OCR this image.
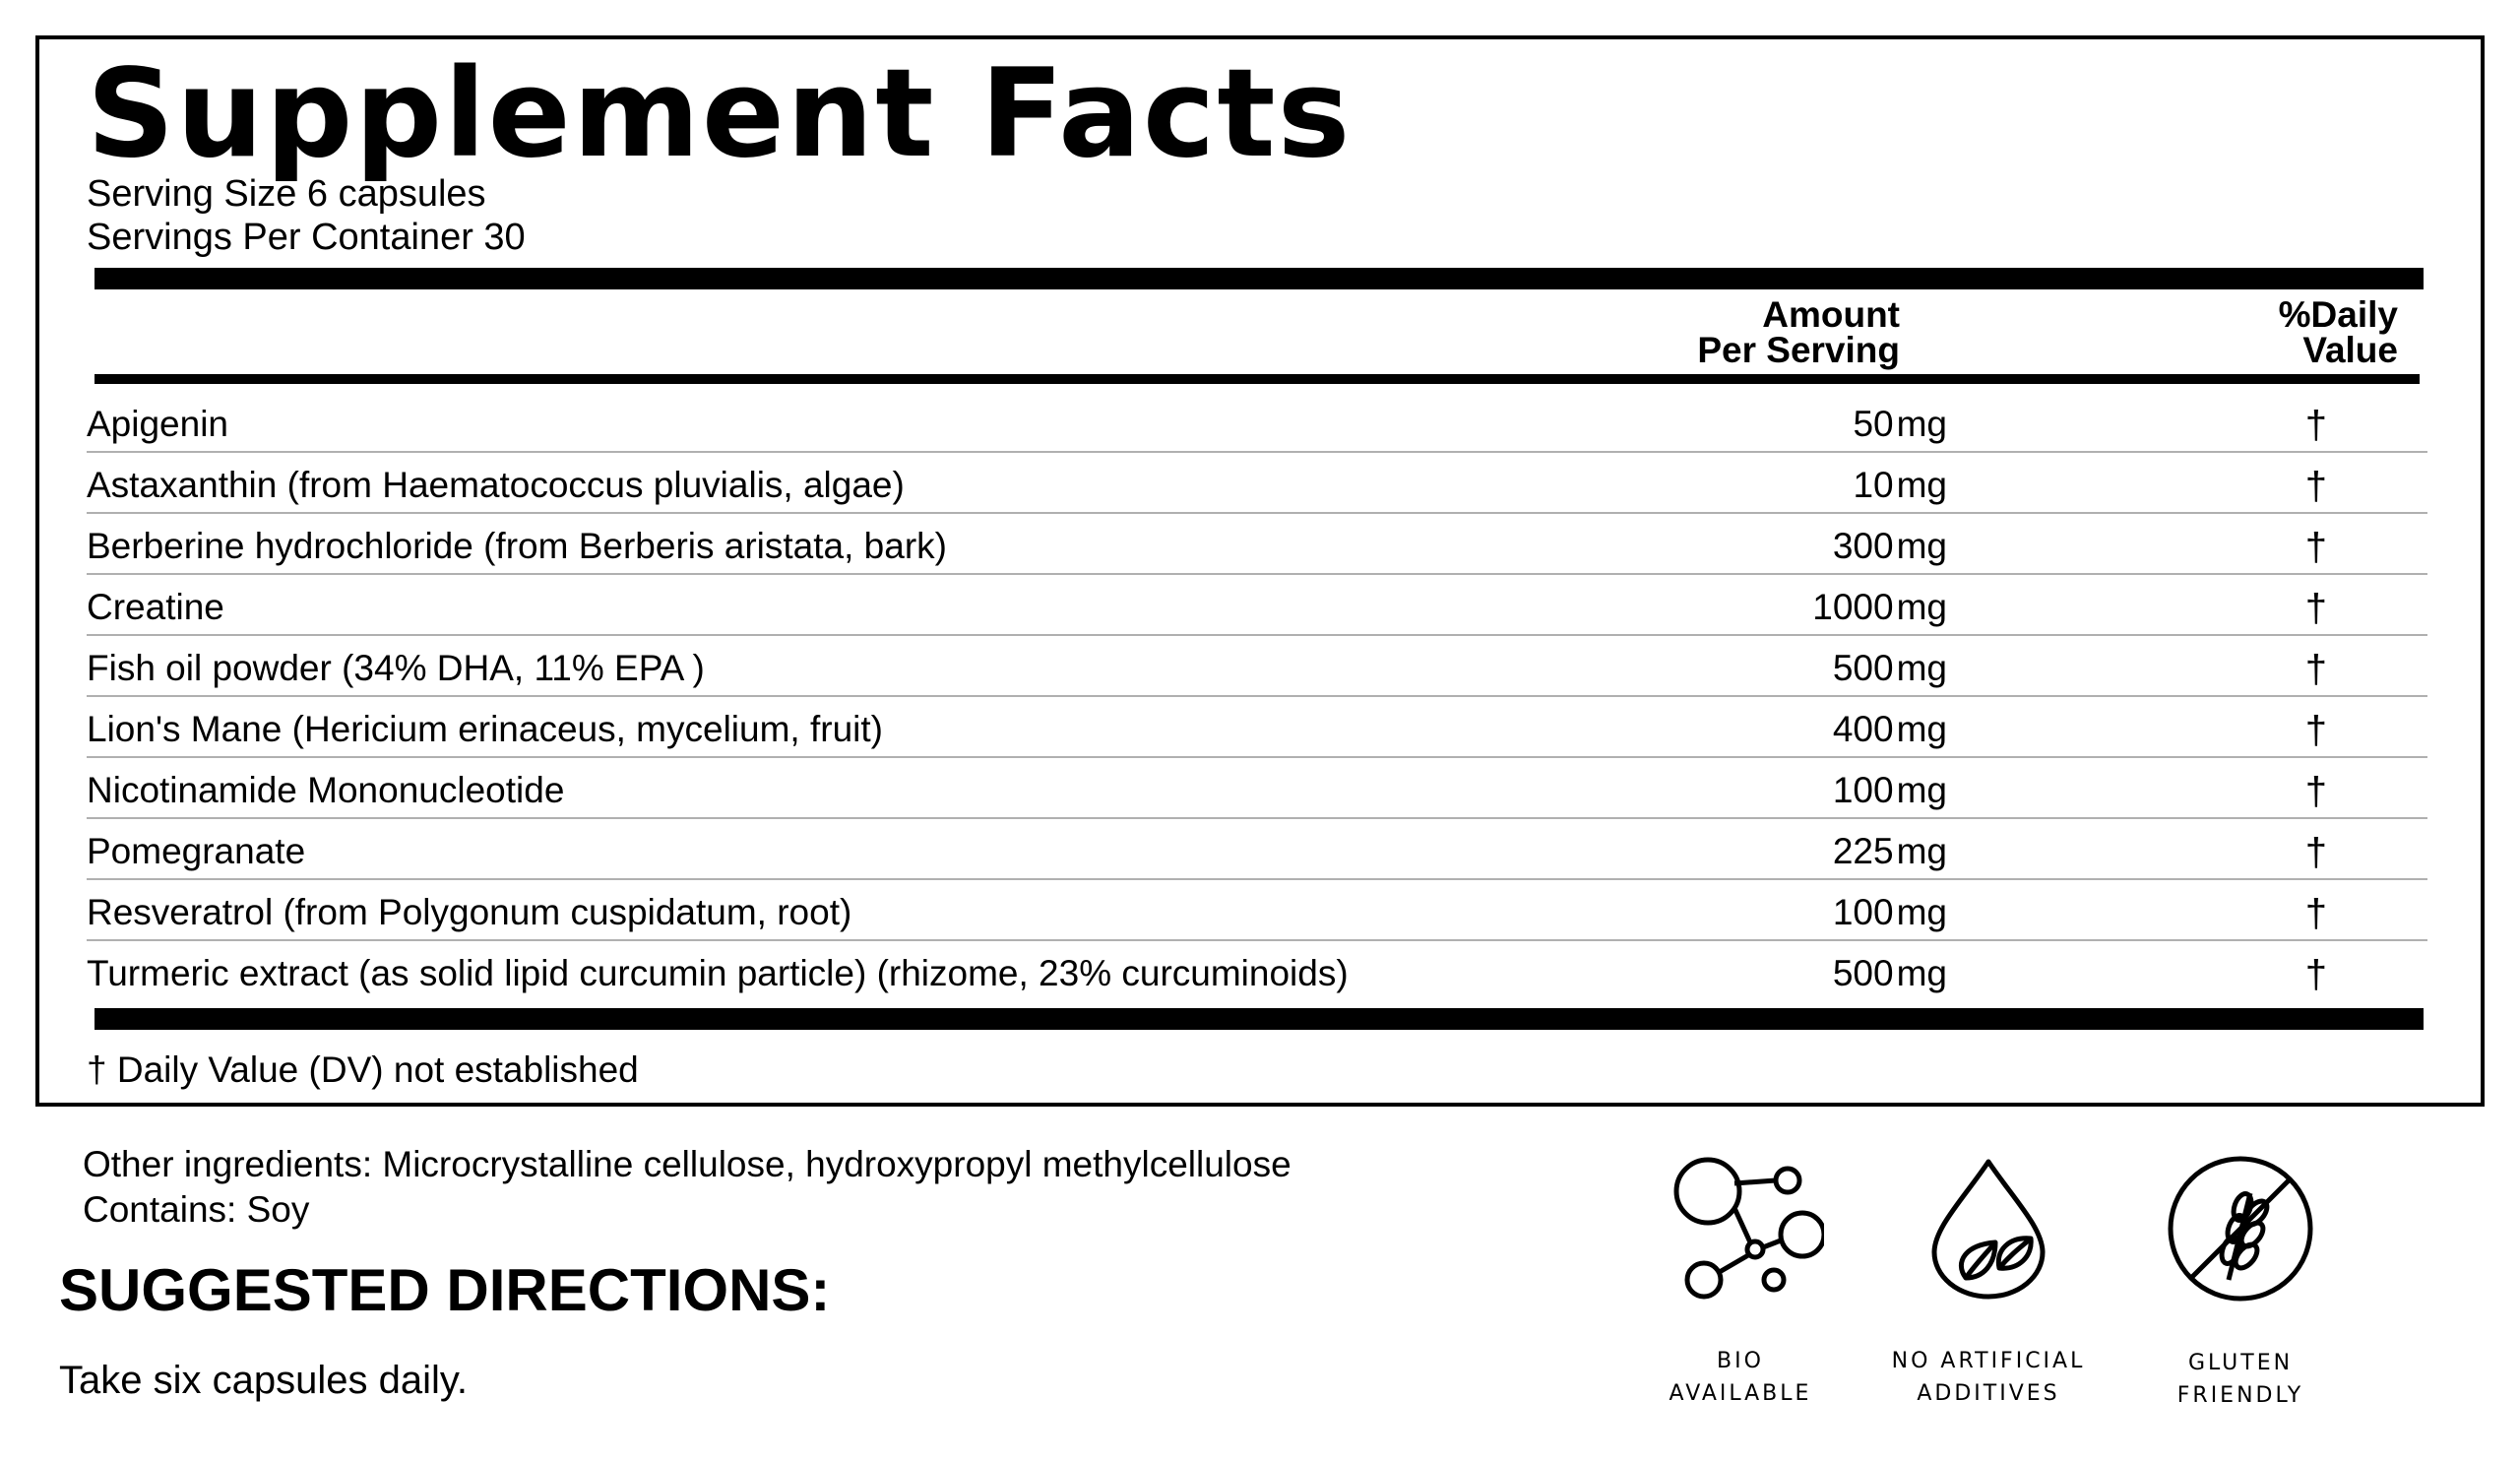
Supplement Facts
Serving Size 6 capsules
Servings Per Container 30
Amount
Per Serving
%Daily
Value
Apigenin	50mg	†
Astaxanthin (from Haematococcus pluvialis, algae)	10mg	†
Berberine hydrochloride (from Berberis aristata, bark)	300mg	†
Creatine	1000mg	†
Fish oil powder (34% DHA, 11% EPA )	500mg	†
Lion's Mane (Hericium erinaceus, mycelium, fruit)	400mg	†
Nicotinamide Mononucleotide	100mg	†
Pomegranate	225mg	†
Resveratrol (from Polygonum cuspidatum, root)	100mg	†
Turmeric extract (as solid lipid curcumin particle) (rhizome, 23% curcuminoids)	500mg	†
† Daily Value (DV) not established
Other ingredients: Microcrystalline cellulose, hydroxypropyl methylcellulose
Contains: Soy
SUGGESTED DIRECTIONS:
Take six capsules daily.	BIO
AVAILABLE
NO ARTIFICIAL
ADDITIVES
GLUTEN
FRIENDLY
